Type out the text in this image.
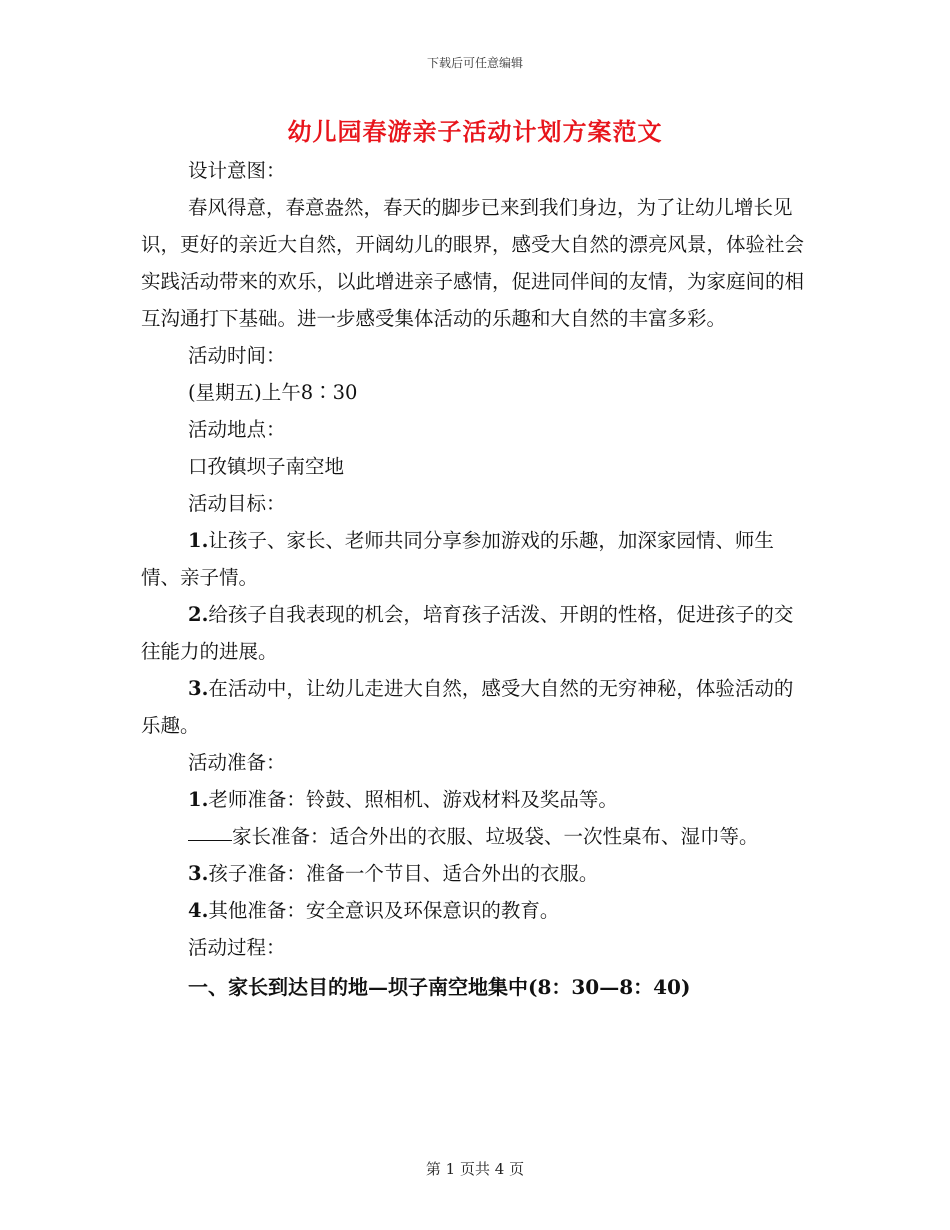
下载后可任意编辑
幼儿园春游亲子活动计划方案范文

设计意图：

春风得意，春意盎然，春天的脚步已来到我们身边，为了让幼儿增长见识，更好的亲近大自然，开阔幼儿的眼界，感受大自然的漂亮风景，体验社会实践活动带来的欢乐，以此增进亲子感情，促进同伴间的友情，为家庭间的相互沟通打下基础。进一步感受集体活动的乐趣和大自然的丰富多彩。

活动时间：

(星期五)上午8∶30

活动地点：

口孜镇坝子南空地

活动目标：

1.让孩子、家长、老师共同分享参加游戏的乐趣，加深家园情、师生情、亲子情。

2.给孩子自我表现的机会，培育孩子活泼、开朗的性格，促进孩子的交往能力的进展。

3.在活动中，让幼儿走进大自然，感受大自然的无穷神秘，体验活动的乐趣。

活动准备：

1.老师准备：铃鼓、照相机、游戏材料及奖品等。

家长准备：适合外出的衣服、垃圾袋、一次性桌布、湿巾等。

3.孩子准备：准备一个节目、适合外出的衣服。

4.其他准备：安全意识及环保意识的教育。

活动过程：

一、家长到达目的地—坝子南空地集中(8：30—8：40)

第 1 页共 4 页
